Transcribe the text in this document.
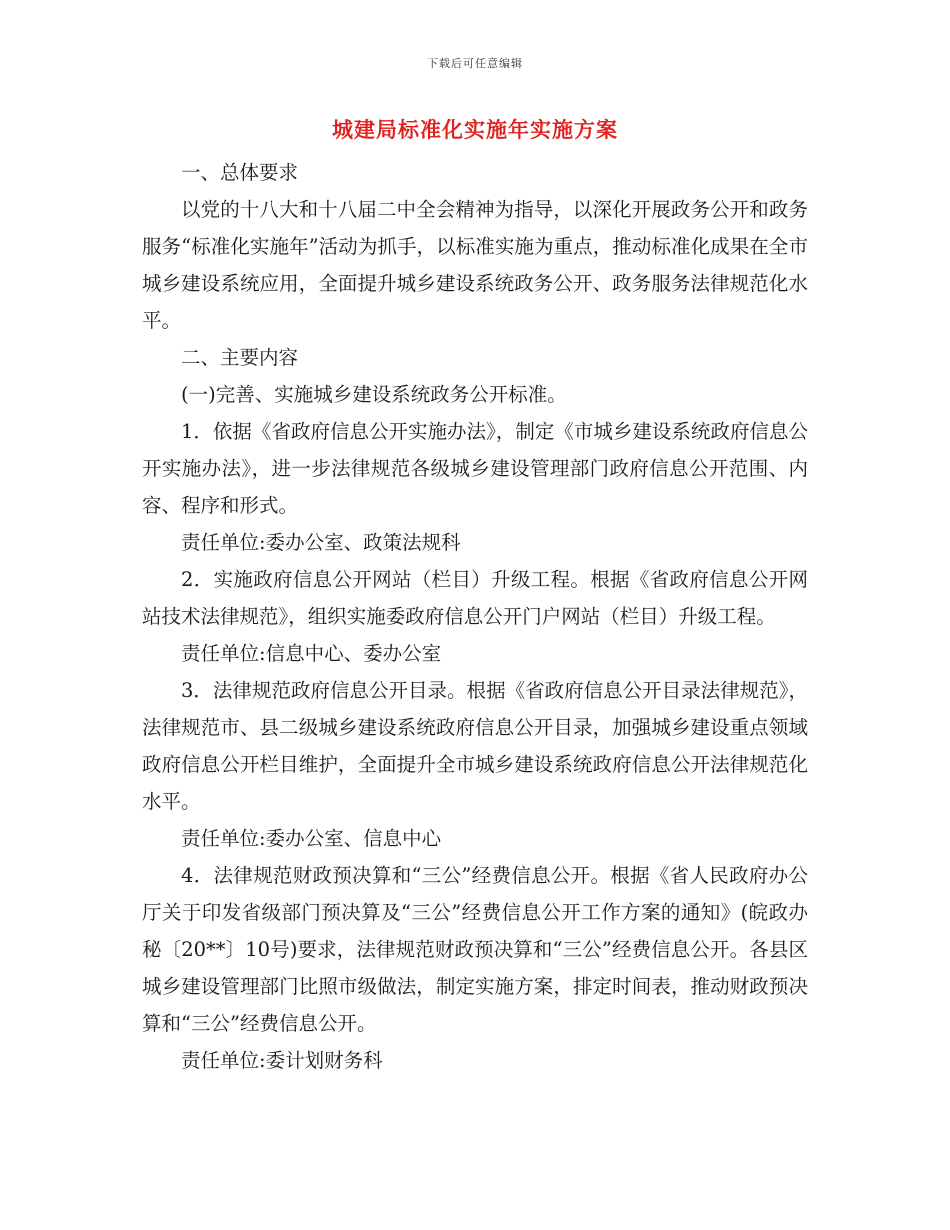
下载后可任意编辑
城建局标准化实施年实施方案

一、总体要求

以党的十八大和十八届二中全会精神为指导，以深化开展政务公开和政务服务“标准化实施年”活动为抓手，以标准实施为重点，推动标准化成果在全市城乡建设系统应用，全面提升城乡建设系统政务公开、政务服务法律规范化水平。

二、主要内容

(一)完善、实施城乡建设系统政务公开标准。

1．依据《省政府信息公开实施办法》，制定《市城乡建设系统政府信息公开实施办法》，进一步法律规范各级城乡建设管理部门政府信息公开范围、内容、程序和形式。

责任单位:委办公室、政策法规科

2．实施政府信息公开网站（栏目）升级工程。根据《省政府信息公开网站技术法律规范》，组织实施委政府信息公开门户网站（栏目）升级工程。

责任单位:信息中心、委办公室

3．法律规范政府信息公开目录。根据《省政府信息公开目录法律规范》，法律规范市、县二级城乡建设系统政府信息公开目录，加强城乡建设重点领域政府信息公开栏目维护，全面提升全市城乡建设系统政府信息公开法律规范化水平。

责任单位:委办公室、信息中心

4．法律规范财政预决算和“三公”经费信息公开。根据《省人民政府办公厅关于印发省级部门预决算及“三公”经费信息公开工作方案的通知》(皖政办秘〔20**〕10号)要求，法律规范财政预决算和“三公”经费信息公开。各县区城乡建设管理部门比照市级做法，制定实施方案，排定时间表，推动财政预决算和“三公”经费信息公开。

责任单位:委计划财务科
